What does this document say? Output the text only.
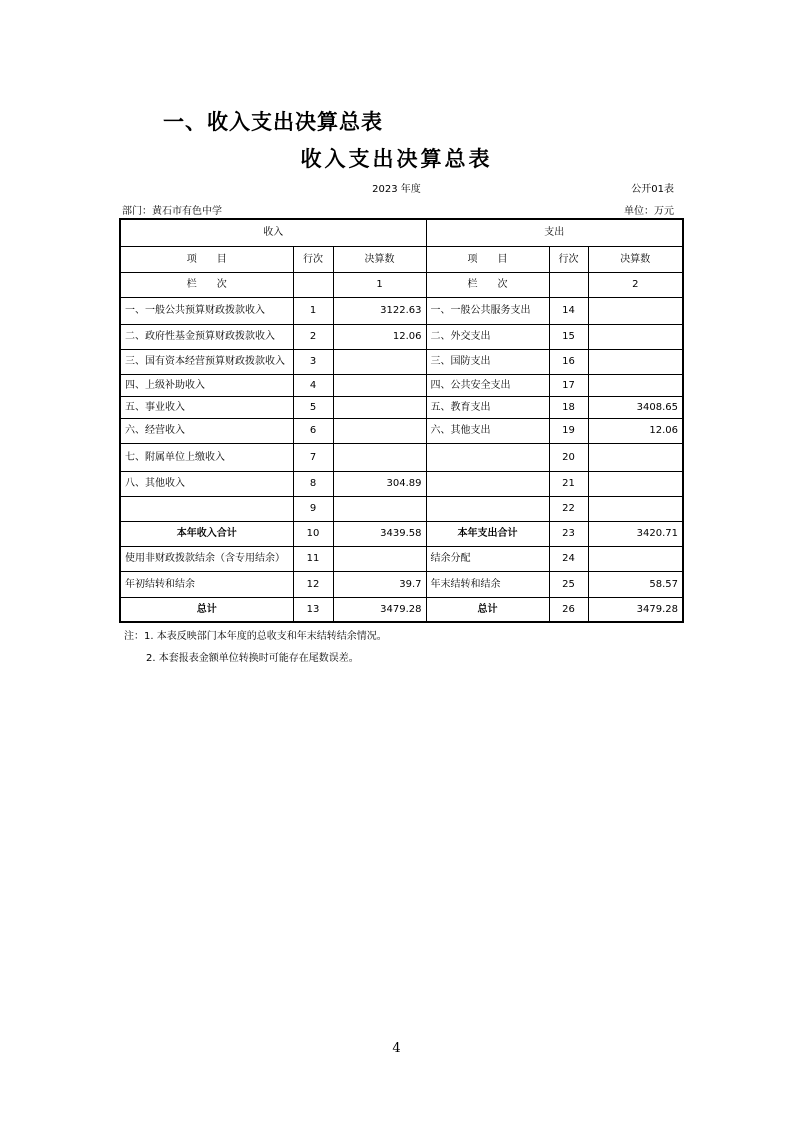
一、收入支出决算总表
收入支出决算总表
2023 年度	公开01表
部门：黄石市有色中学	单位：万元
收入			支出		
项　　目	行次	决算数	项　　目	行次	决算数
栏　　次		1	栏　　次		2
一、一般公共预算财政拨款收入	1	3122.63	一、一般公共服务支出	14	
二、政府性基金预算财政拨款收入	2	12.06	二、外交支出	15	
三、国有资本经营预算财政拨款收入	3		三、国防支出	16	
四、上级补助收入	4		四、公共安全支出	17	
五、事业收入	5		五、教育支出	18	3408.65
六、经营收入	6		六、其他支出	19	12.06
七、附属单位上缴收入	7			20	
八、其他收入	8	304.89		21	
	9			22	
本年收入合计	10	3439.58	本年支出合计	23	3420.71
使用非财政拨款结余（含专用结余）	11		结余分配	24	
年初结转和结余	12	39.7	年末结转和结余	25	58.57
总计	13	3479.28	总计	26	3479.28
注：1. 本表反映部门本年度的总收支和年末结转结余情况。
2. 本套报表金额单位转换时可能存在尾数误差。
4
